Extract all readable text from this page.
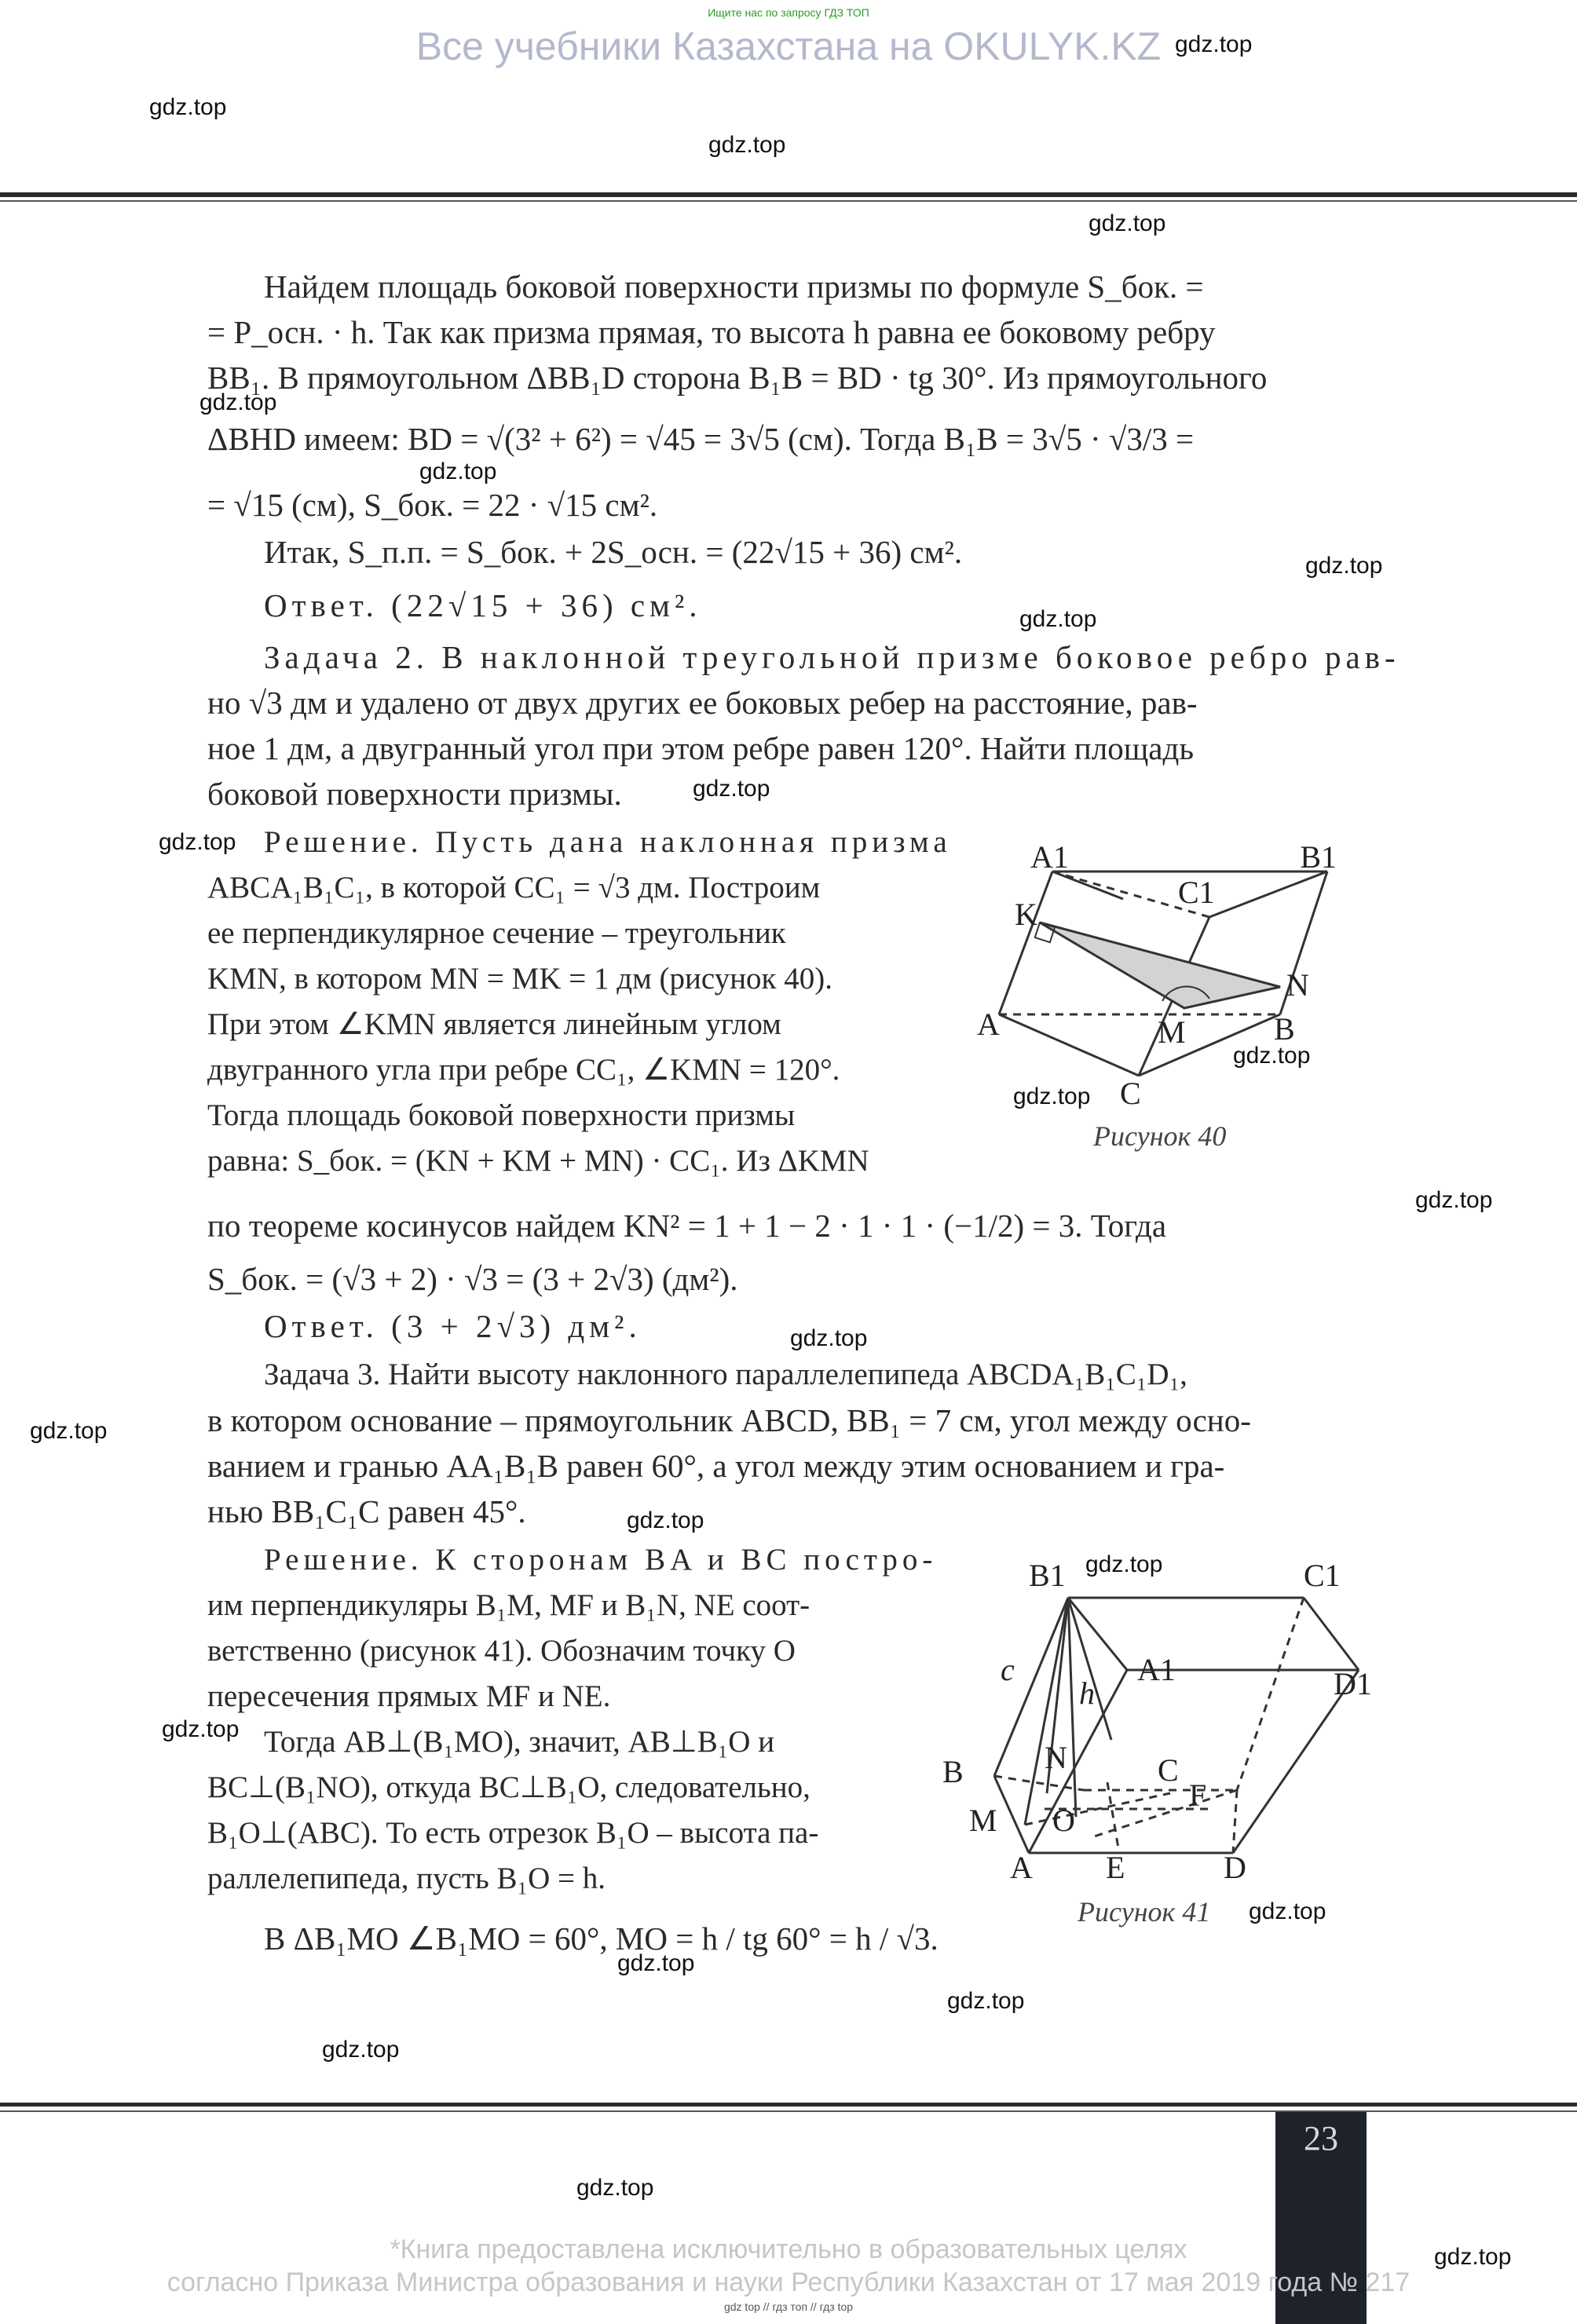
Ищите нас по запросу ГДЗ ТОП
Все учебники Казахстана на OKULYK.KZ
Найдем площадь боковой поверхности призмы по формуле S_бок. =
= P_осн. · h. Так как призма прямая, то высота h равна ее боковому ребру
BB₁. В прямоугольном ΔBB₁D сторона B₁B = BD · tg 30°. Из прямоугольного
ΔBHD имеем: BD = √(3² + 6²) = √45 = 3√5 (см). Тогда B₁B = 3√5 · √3/3 =
= √15 (см), S_бок. = 22 · √15 см².
Итак, S_п.п. = S_бок. + 2S_осн. = (22√15 + 36) см².
Ответ. (22√15 + 36) см².
Задача 2. В наклонной треугольной призме боковое ребро рав-
но √3 дм и удалено от двух других ее боковых ребер на расстояние, рав-
ное 1 дм, а двугранный угол при этом ребре равен 120°. Найти площадь
боковой поверхности призмы.
Решение. Пусть дана наклонная призма
ABCA₁B₁C₁, в которой CC₁ = √3 дм. Построим
ее перпендикулярное сечение – треугольник
KMN, в котором MN = MK = 1 дм (рисунок 40).
При этом ∠KMN является линейным углом
двугранного угла при ребре CC₁, ∠KMN = 120°.
Тогда площадь боковой поверхности призмы
равна: S_бок. = (KN + KM + MN) · CC₁. Из ΔKMN
по теореме косинусов найдем KN² = 1 + 1 − 2 · 1 · 1 · (−1/2) = 3. Тогда
S_бок. = (√3 + 2) · √3 = (3 + 2√3) (дм²).
Ответ. (3 + 2√3) дм².
Задача 3. Найти высоту наклонного параллелепипеда ABCDA₁B₁C₁D₁,
в котором основание – прямоугольник ABCD, BB₁ = 7 см, угол между осно-
ванием и гранью AA₁B₁B равен 60°, а угол между этим основанием и гра-
нью BB₁C₁C равен 45°.
Решение. К сторонам BA и BC постро-
им перпендикуляры B₁M, MF и B₁N, NE соот-
ветственно (рисунок 41). Обозначим точку O
пересечения прямых MF и NE.
Тогда AB⊥(B₁MO), значит, AB⊥B₁O и
BC⊥(B₁NO), откуда BC⊥B₁O, следовательно,
B₁O⊥(ABC). То есть отрезок B₁O – высота па-
раллелепипеда, пусть B₁O = h.
В ΔB₁MO ∠B₁MO = 60°, MO = h / tg 60° = h / √3.
A1	B1
C1
K
N
M
A	B
C
Рисунок 40
B1	C1
A1	D1
c
h
N	C
B
F
M O
A E	D
Рисунок 41
gdz.top
gdz.top
gdz.top
gdz.top
gdz.top
gdz.top
gdz.top
gdz.top
gdz.top
gdz.top
gdz.top
gdz.top
gdz.top
gdz.top
gdz.top
gdz.top
gdz.top
gdz.top
gdz.top
gdz.top
gdz.top
gdz.top
gdz.top
gdz.top
23
*Книга предоставлена исключительно в образовательных целях
согласно Приказа Министра образования и науки Республики Казахстан от 17 мая 2019 года № 217
gdz top // гдз топ // гдз top
